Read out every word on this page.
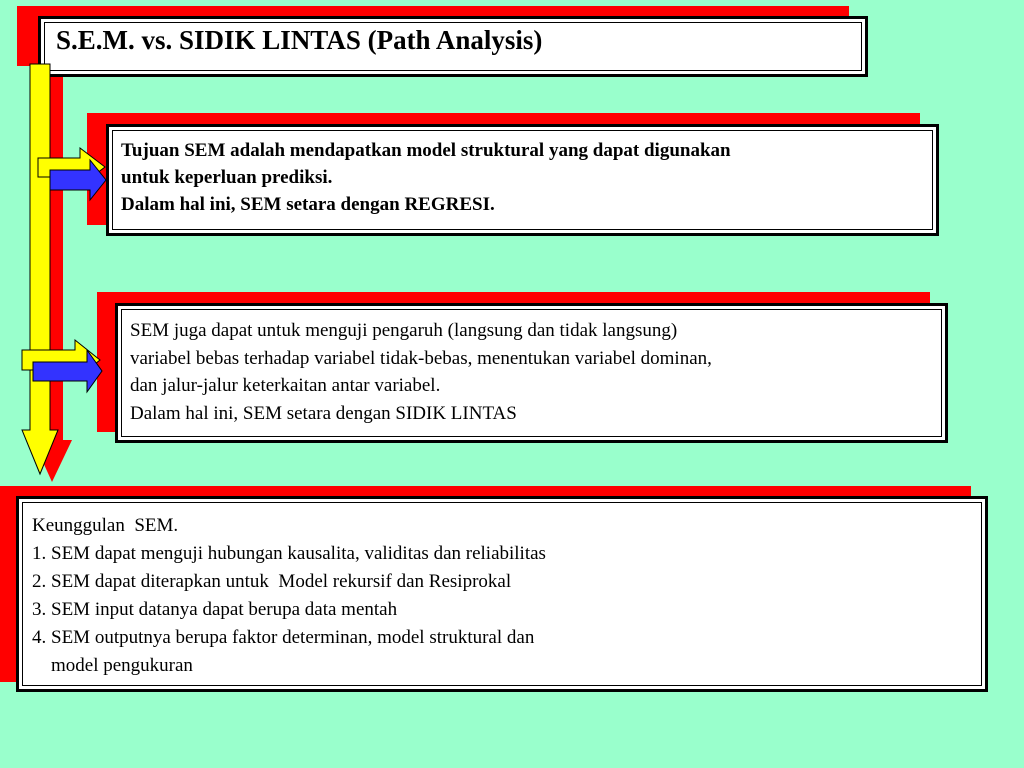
S.E.M. vs. SIDIK LINTAS (Path Analysis)
Tujuan SEM adalah mendapatkan model struktural yang dapat digunakan
untuk keperluan prediksi.
Dalam hal ini, SEM setara dengan REGRESI.
SEM juga dapat untuk menguji pengaruh (langsung dan tidak langsung)
variabel bebas terhadap variabel tidak-bebas, menentukan variabel dominan,
dan jalur-jalur keterkaitan antar variabel.
Dalam hal ini, SEM setara dengan SIDIK LINTAS
Keunggulan  SEM.
1. SEM dapat menguji hubungan kausalita, validitas dan reliabilitas
2. SEM dapat diterapkan untuk  Model rekursif dan Resiprokal
3. SEM input datanya dapat berupa data mentah
4. SEM outputnya berupa faktor determinan, model struktural dan
model pengukuran
